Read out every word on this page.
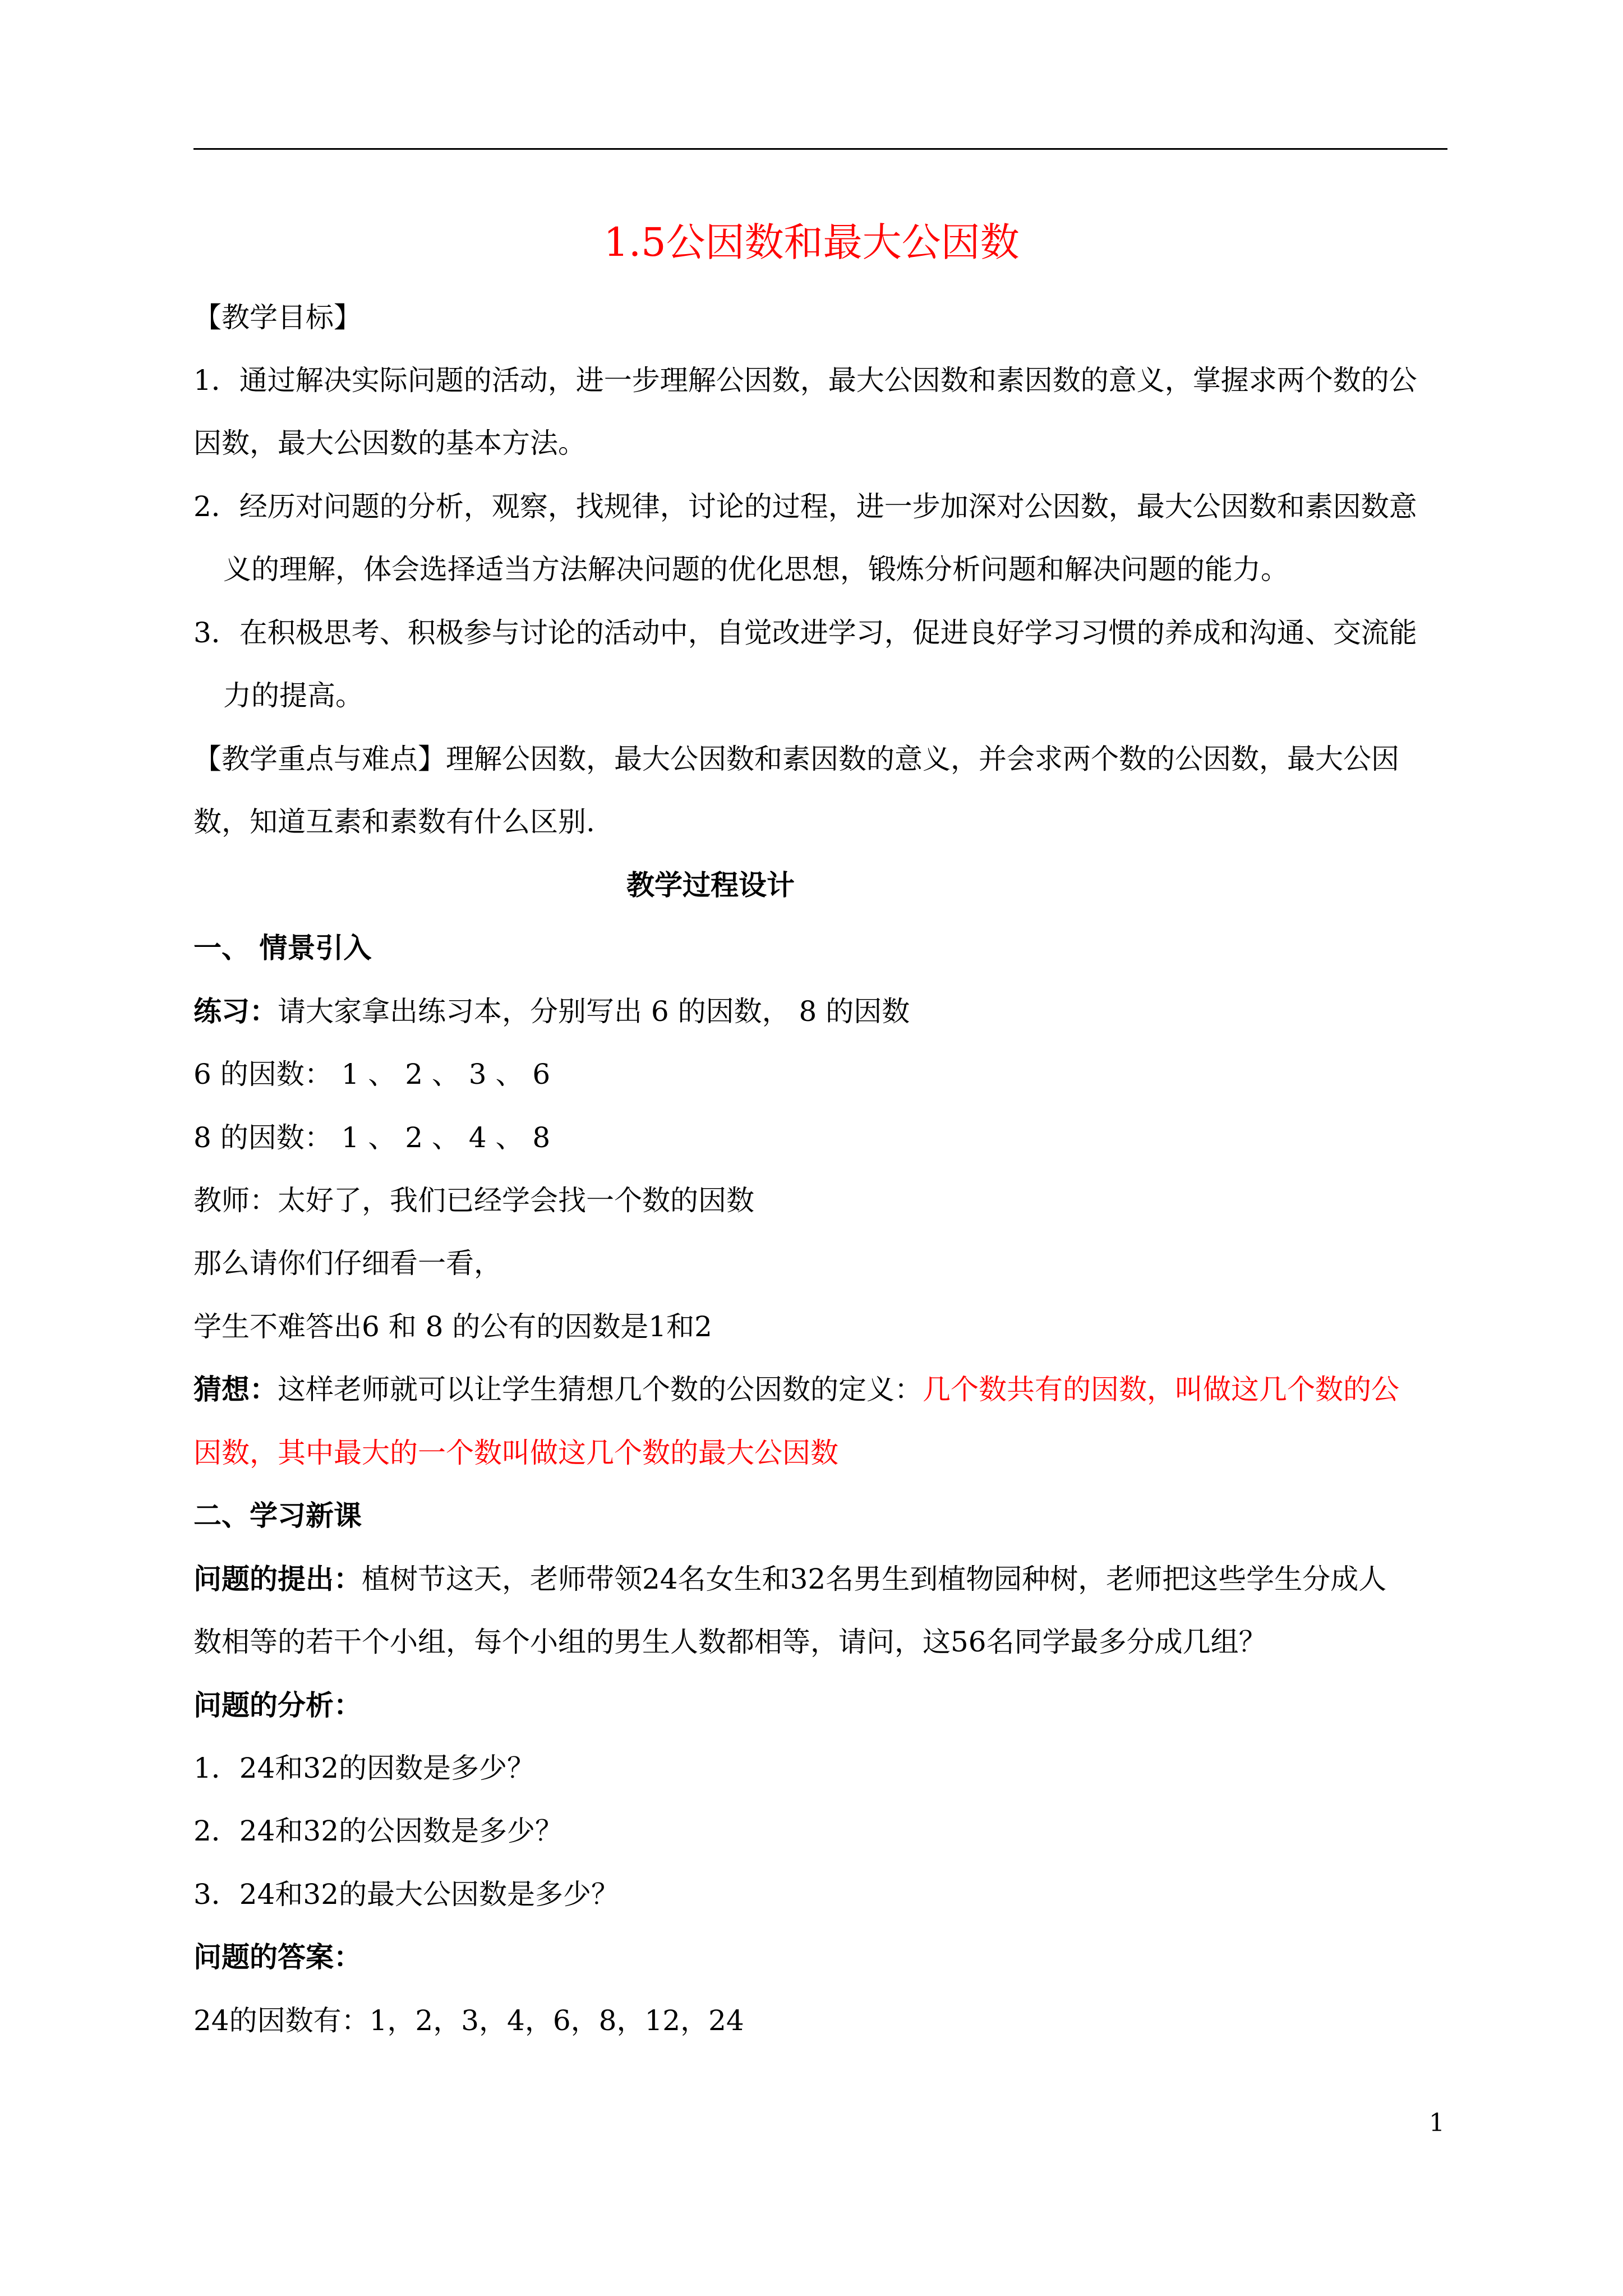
1.5公因数和最大公因数
【教学目标】
1．通过解决实际问题的活动，进一步理解公因数，最大公因数和素因数的意义，掌握求两个数的公
因数，最大公因数的基本方法。
2．经历对问题的分析，观察，找规律，讨论的过程，进一步加深对公因数，最大公因数和素因数意
义的理解，体会选择适当方法解决问题的优化思想，锻炼分析问题和解决问题的能力。
3．在积极思考、积极参与讨论的活动中，自觉改进学习，促进良好学习习惯的养成和沟通、交流能
力的提高。
【教学重点与难点】理解公因数，最大公因数和素因数的意义，并会求两个数的公因数，最大公因
数，知道互素和素数有什么区别.
教学过程设计
一、 情景引入
练习：请大家拿出练习本，分别写出 6 的因数， 8 的因数
6 的因数： 1 、 2 、 3 、 6
8 的因数： 1 、 2 、 4 、 8
教师：太好了，我们已经学会找一个数的因数
那么请你们仔细看一看，
学生不难答出6 和 8 的公有的因数是1和2
猜想：这样老师就可以让学生猜想几个数的公因数的定义：几个数共有的因数，叫做这几个数的公
因数，其中最大的一个数叫做这几个数的最大公因数
二、学习新课
问题的提出：植树节这天，老师带领24名女生和32名男生到植物园种树，老师把这些学生分成人
数相等的若干个小组，每个小组的男生人数都相等，请问，这56名同学最多分成几组？
问题的分析：
1．24和32的因数是多少？
2．24和32的公因数是多少？
3．24和32的最大公因数是多少？
问题的答案：
24的因数有：1，2，3，4，6，8，12，24
1
